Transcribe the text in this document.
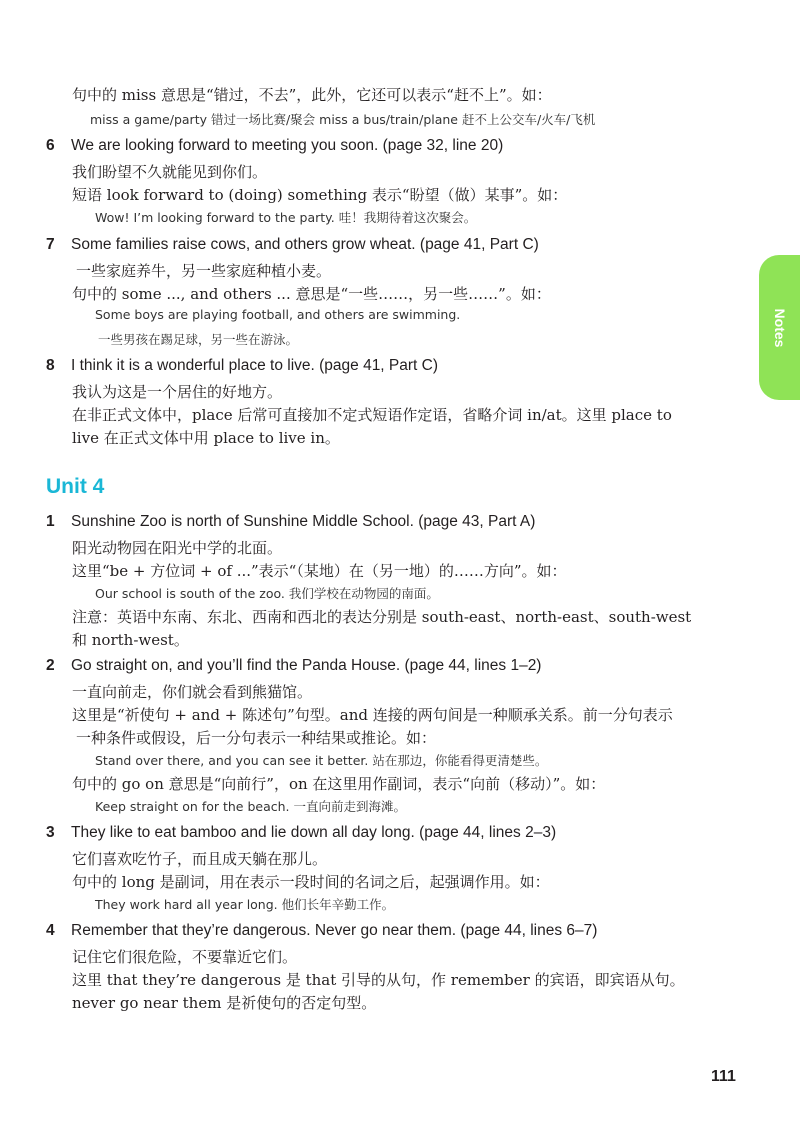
句中的 miss 意思是“错过，不去”，此外，它还可以表示“赶不上”。如：
miss a game/party 错过一场比赛/聚会 miss a bus/train/plane 赶不上公交车/火车/飞机
6 We are looking forward to meeting you soon. (page 32, line 20)
我们盼望不久就能见到你们。
短语 look forward to (doing) something 表示“盼望（做）某事”。如：
Wow! I’m looking forward to the party. 哇！我期待着这次聚会。
7 Some families raise cows, and others grow wheat. (page 41, Part C)
一些家庭养牛，另一些家庭种植小麦。
句中的 some ..., and others ... 意思是“一些……，另一些……”。如：
Some boys are playing football, and others are swimming.
一些男孩在踢足球，另一些在游泳。
8 I think it is a wonderful place to live. (page 41, Part C)
我认为这是一个居住的好地方。
在非正式文体中，place 后常可直接加不定式短语作定语，省略介词 in/at。这里 place to
live 在正式文体中用 place to live in。
Unit 4
1 Sunshine Zoo is north of Sunshine Middle School. (page 43, Part A)
阳光动物园在阳光中学的北面。
这里“be + 方位词 + of ...”表示“（某地）在（另一地）的……方向”。如：
Our school is south of the zoo. 我们学校在动物园的南面。
注意：英语中东南、东北、西南和西北的表达分别是 south-east、north-east、south-west
和 north-west。
2 Go straight on, and you’ll find the Panda House. (page 44, lines 1–2)
一直向前走，你们就会看到熊猫馆。
这里是“祈使句 + and + 陈述句”句型。and 连接的两句间是一种顺承关系。前一分句表示
一种条件或假设，后一分句表示一种结果或推论。如：
Stand over there, and you can see it better. 站在那边，你能看得更清楚些。
句中的 go on 意思是“向前行”，on 在这里用作副词，表示“向前（移动）”。如：
Keep straight on for the beach. 一直向前走到海滩。
3 They like to eat bamboo and lie down all day long. (page 44, lines 2–3)
它们喜欢吃竹子，而且成天躺在那儿。
句中的 long 是副词，用在表示一段时间的名词之后，起强调作用。如：
They work hard all year long. 他们长年辛勤工作。
4 Remember that they’re dangerous. Never go near them. (page 44, lines 6–7)
记住它们很危险，不要靠近它们。
这里 that they’re dangerous 是 that 引导的从句，作 remember 的宾语，即宾语从句。
never go near them 是祈使句的否定句型。
Notes
111
